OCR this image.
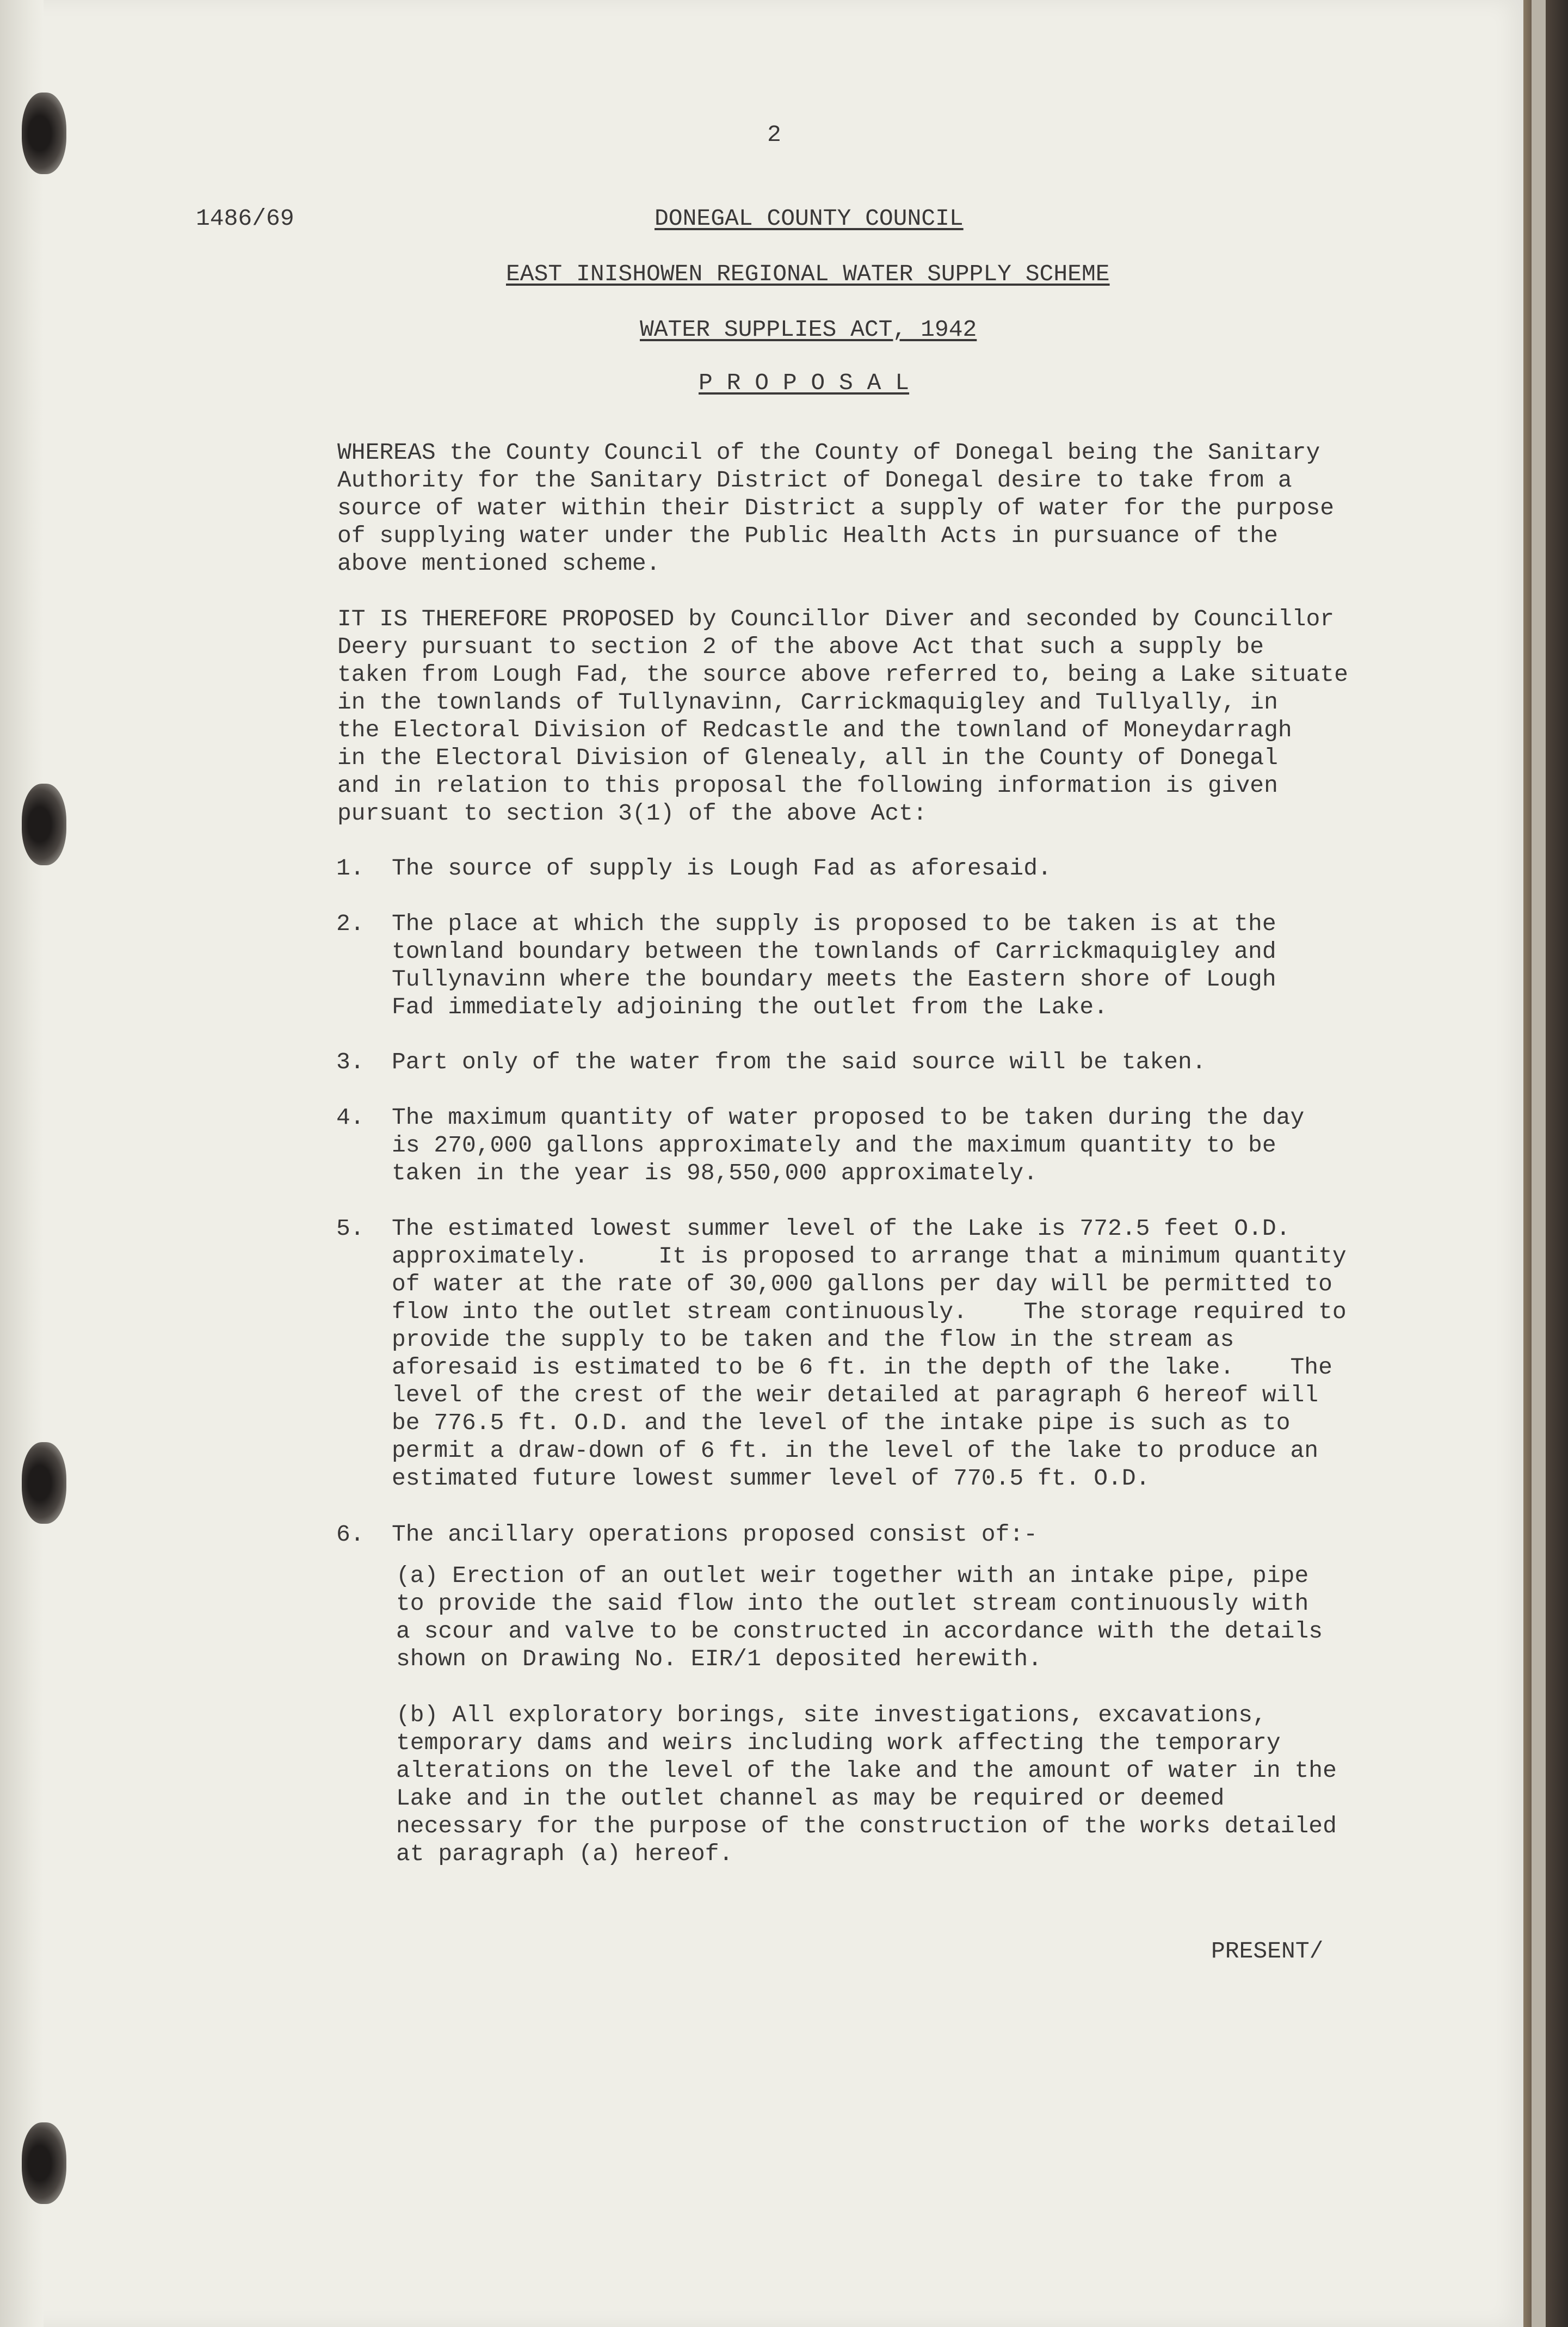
2
1486/69	DONEGAL COUNTY COUNCIL
EAST INISHOWEN REGIONAL WATER SUPPLY SCHEME
WATER SUPPLIES ACT, 1942
P R O P O S A L
WHEREAS the County Council of the County of Donegal being the Sanitary
Authority for the Sanitary District of Donegal desire to take from a
source of water within their District a supply of water for the purpose
of supplying water under the Public Health Acts in pursuance of the
above mentioned scheme.
IT IS THEREFORE PROPOSED by Councillor Diver and seconded by Councillor
Deery pursuant to section 2 of the above Act that such a supply be
taken from Lough Fad, the source above referred to, being a Lake situate
in the townlands of Tullynavinn, Carrickmaquigley and Tullyally, in
the Electoral Division of Redcastle and the townland of Moneydarragh
in the Electoral Division of Glenealy, all in the County of Donegal
and in relation to this proposal the following information is given
pursuant to section 3(1) of the above Act:
1. The source of supply is Lough Fad as aforesaid.
2. The place at which the supply is proposed to be taken is at the
townland boundary between the townlands of Carrickmaquigley and
Tullynavinn where the boundary meets the Eastern shore of Lough
Fad immediately adjoining the outlet from the Lake.
3. Part only of the water from the said source will be taken.
4. The maximum quantity of water proposed to be taken during the day
is 270,000 gallons approximately and the maximum quantity to be
taken in the year is 98,550,000 approximately.
5. The estimated lowest summer level of the Lake is 772.5 feet O.D.
approximately.     It is proposed to arrange that a minimum quantity
of water at the rate of 30,000 gallons per day will be permitted to
flow into the outlet stream continuously.    The storage required to
provide the supply to be taken and the flow in the stream as
aforesaid is estimated to be 6 ft. in the depth of the lake.    The
level of the crest of the weir detailed at paragraph 6 hereof will
be 776.5 ft. O.D. and the level of the intake pipe is such as to
permit a draw-down of 6 ft. in the level of the lake to produce an
estimated future lowest summer level of 770.5 ft. O.D.
6. The ancillary operations proposed consist of:-
(a) Erection of an outlet weir together with an intake pipe, pipe
to provide the said flow into the outlet stream continuously with
a scour and valve to be constructed in accordance with the details
shown on Drawing No. EIR/1 deposited herewith.
(b) All exploratory borings, site investigations, excavations,
temporary dams and weirs including work affecting the temporary
alterations on the level of the lake and the amount of water in the
Lake and in the outlet channel as may be required or deemed
necessary for the purpose of the construction of the works detailed
at paragraph (a) hereof.
PRESENT/
